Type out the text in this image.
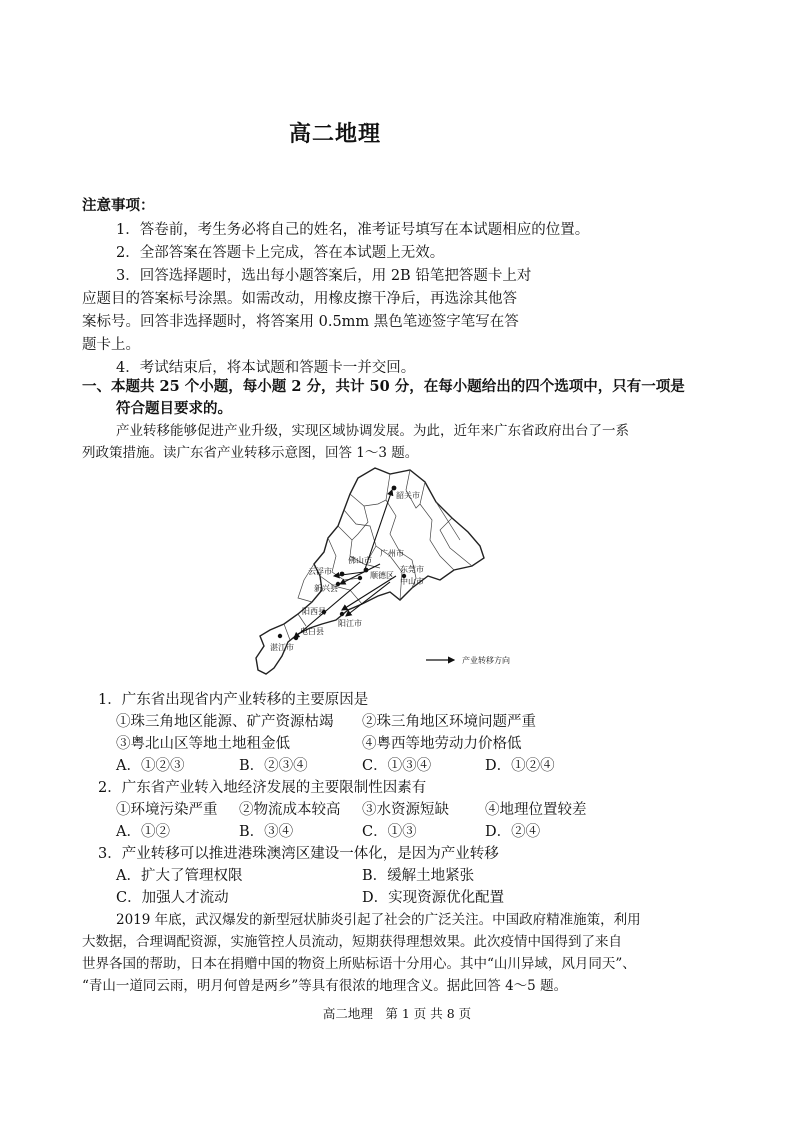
高二地理
注意事项：
1．答卷前，考生务必将自己的姓名，准考证号填写在本试题相应的位置。
2．全部答案在答题卡上完成，答在本试题上无效。
3．回答选择题时，选出每小题答案后，用 2B 铅笔把答题卡上对
应题目的答案标号涂黑。如需改动，用橡皮擦干净后，再选涂其他答
案标号。回答非选择题时，将答案用 0.5mm 黑色笔迹签字笔写在答
题卡上。
4．考试结束后，将本试题和答题卡一并交回。
一、本题共 25 个小题，每小题 2 分，共计 50 分，在每小题给出的四个选项中，只有一项是
符合题目要求的。
产业转移能够促进产业升级，实现区域协调发展。为此，近年来广东省政府出台了一系
列政策措施。读广东省产业转移示意图，回答 1～3 题。
韶关市
广州市
佛山市
东莞市
顺德区
中山市
云浮市
新兴县
阳西县
阳江市
电白县
湛江市
产业转移方向
1．广东省出现省内产业转移的主要原因是
①珠三角地区能源、矿产资源枯竭 ②珠三角地区环境问题严重
③粤北山区等地土地租金低	④粤西等地劳动力价格低
A．①②③	B．②③④	C．①③④	D．①②④
2．广东省产业转入地经济发展的主要限制性因素有
①环境污染严重 ②物流成本较高 ③水资源短缺 ④地理位置较差
A．①②	B．③④	C．①③	D．②④
3．产业转移可以推进港珠澳湾区建设一体化，是因为产业转移
A．扩大了管理权限	B．缓解土地紧张
C．加强人才流动	D．实现资源优化配置
2019 年底，武汉爆发的新型冠状肺炎引起了社会的广泛关注。中国政府精准施策，利用
大数据，合理调配资源，实施管控人员流动，短期获得理想效果。此次疫情中国得到了来自
世界各国的帮助，日本在捐赠中国的物资上所贴标语十分用心。其中“山川异域，风月同天”、
“青山一道同云雨，明月何曾是两乡”等具有很浓的地理含义。据此回答 4～5 题。
高二地理　第 1 页 共 8 页
